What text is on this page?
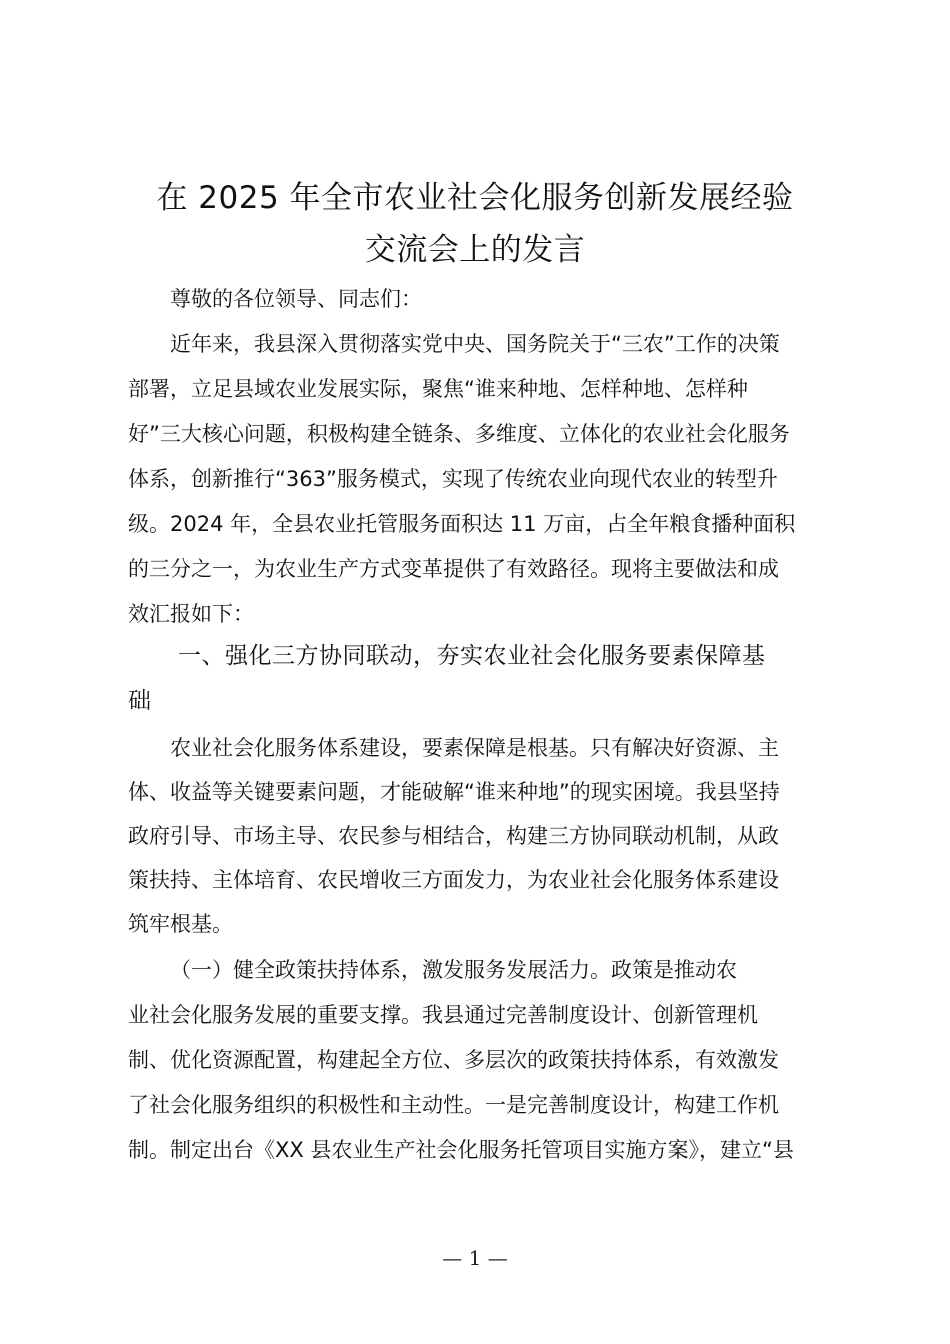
在 2025 年全市农业社会化服务创新发展经验
交流会上的发言
尊敬的各位领导、同志们：
近年来，我县深入贯彻落实党中央、国务院关于“三农”工作的决策
部署，立足县域农业发展实际，聚焦“谁来种地、怎样种地、怎样种
好”三大核心问题，积极构建全链条、多维度、立体化的农业社会化服务
体系，创新推行“363”服务模式，实现了传统农业向现代农业的转型升
级。2024 年，全县农业托管服务面积达 11 万亩，占全年粮食播种面积
的三分之一，为农业生产方式变革提供了有效路径。现将主要做法和成
效汇报如下：
一、强化三方协同联动，夯实农业社会化服务要素保障基
础
农业社会化服务体系建设，要素保障是根基。只有解决好资源、主
体、收益等关键要素问题，才能破解“谁来种地”的现实困境。我县坚持
政府引导、市场主导、农民参与相结合，构建三方协同联动机制，从政
策扶持、主体培育、农民增收三方面发力，为农业社会化服务体系建设
筑牢根基。
（一）健全政策扶持体系，激发服务发展活力。政策是推动农
业社会化服务发展的重要支撑。我县通过完善制度设计、创新管理机
制、优化资源配置，构建起全方位、多层次的政策扶持体系，有效激发
了社会化服务组织的积极性和主动性。一是完善制度设计，构建工作机
制。制定出台《XX 县农业生产社会化服务托管项目实施方案》，建立“县
— 1 —
